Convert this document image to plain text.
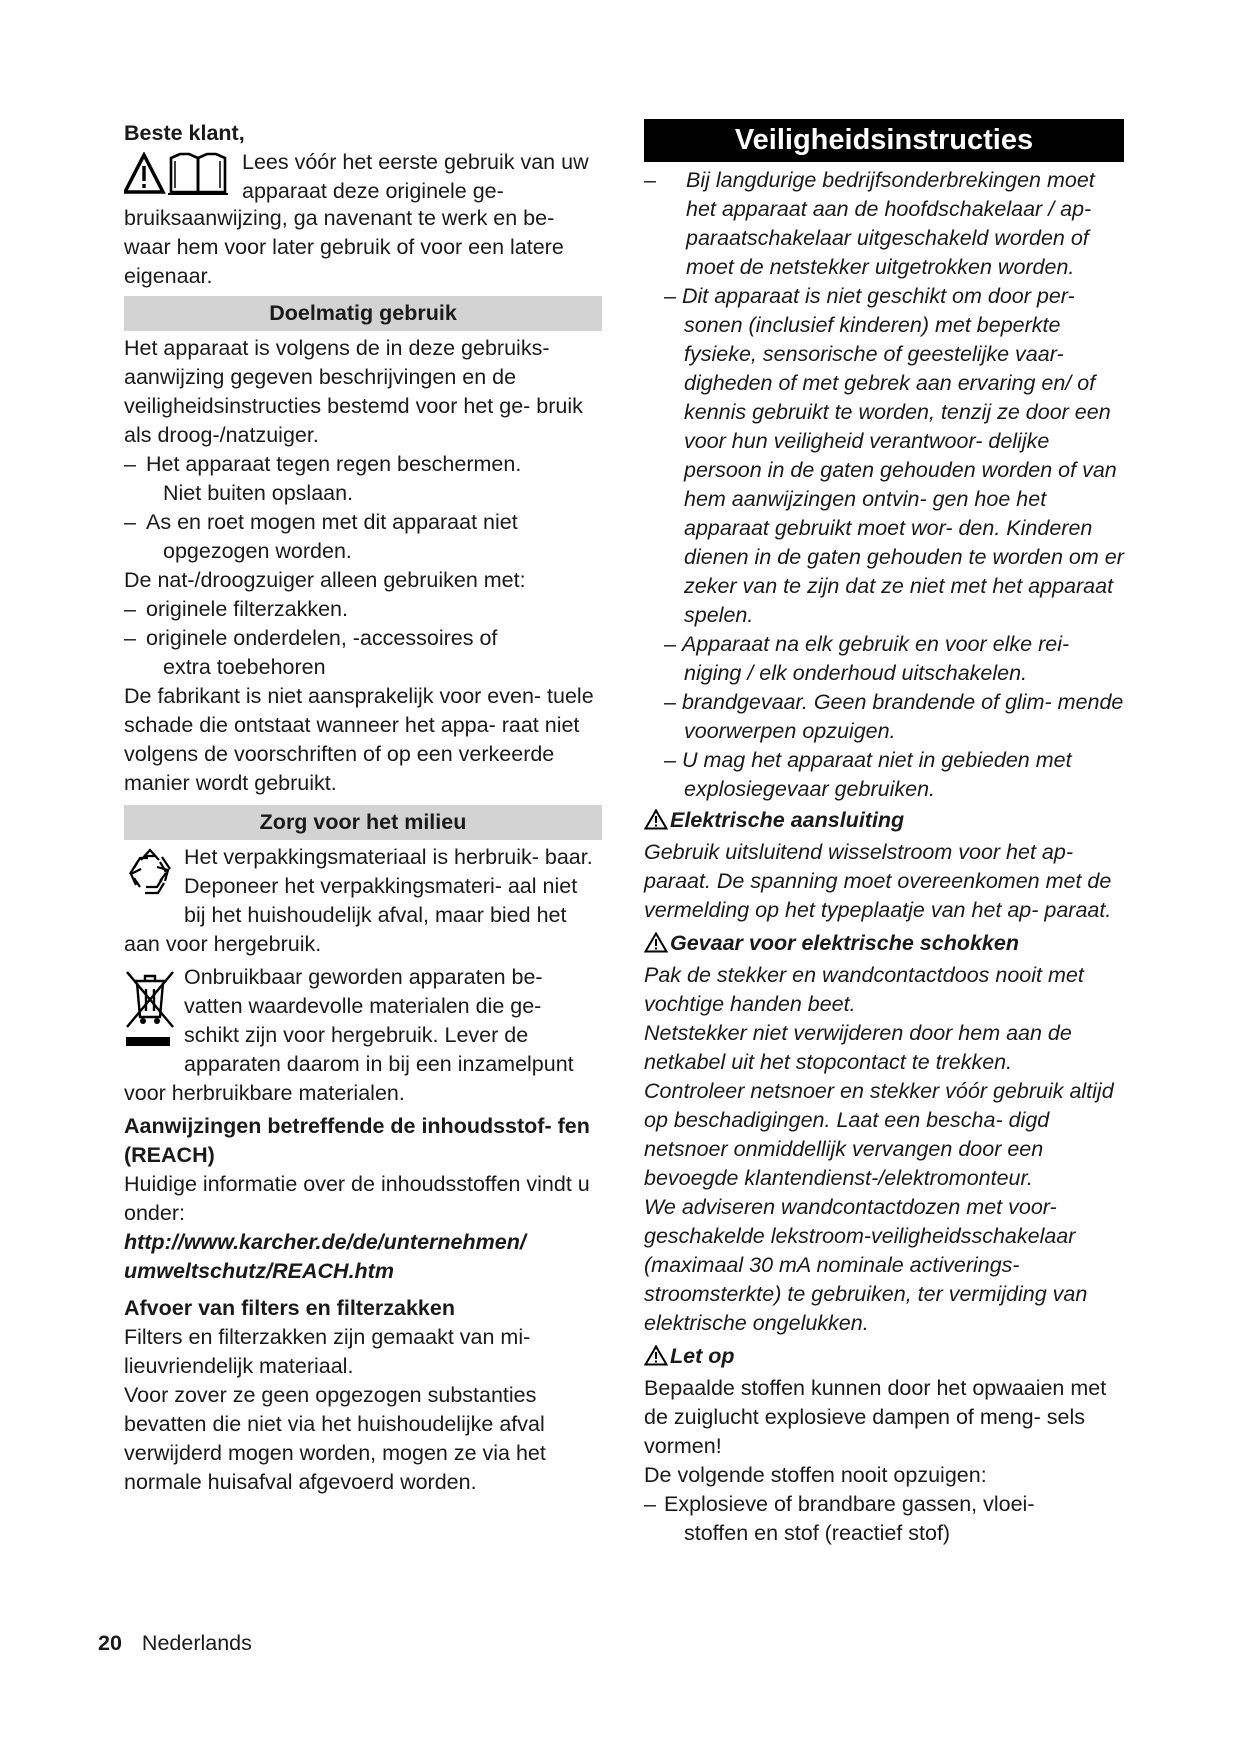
Beste klant,

Lees vóór het eerste gebruik van uw apparaat deze originele ge-

bruiksaanwijzing, ga navenant te werk en be- waar hem voor later gebruik of voor een latere eigenaar.

Doelmatig gebruik

Het apparaat is volgens de in deze gebruiks- aanwijzing gegeven beschrijvingen en de veiligheidsinstructies bestemd voor het ge- bruik als droog-/natzuiger.

– Het apparaat tegen regen beschermen.

Niet buiten opslaan.

– As en roet mogen met dit apparaat niet

opgezogen worden.

De nat-/droogzuiger alleen gebruiken met:

– originele filterzakken.

– originele onderdelen, -accessoires of

extra toebehoren

De fabrikant is niet aansprakelijk voor even- tuele schade die ontstaat wanneer het appa- raat niet volgens de voorschriften of op een verkeerde manier wordt gebruikt.

Zorg voor het milieu

Het verpakkingsmateriaal is herbruik- baar. Deponeer het verpakkingsmateri- aal niet bij het huishoudelijk afval, maar bied het aan voor hergebruik.

Onbruikbaar geworden apparaten be- vatten waardevolle materialen die ge- schikt zijn voor hergebruik. Lever de apparaten daarom in bij een inzamelpunt voor herbruikbare materialen.

Aanwijzingen betreffende de inhoudsstof- fen (REACH)

Huidige informatie over de inhoudsstoffen vindt u onder:

http://www.karcher.de/de/unternehmen/ umweltschutz/REACH.htm

Afvoer van filters en filterzakken

Filters en filterzakken zijn gemaakt van mi- lieuvriendelijk materiaal.

Voor zover ze geen opgezogen substanties bevatten die niet via het huishoudelijke afval verwijderd mogen worden, mogen ze via het normale huisafval afgevoerd worden.

Veiligheidsinstructies

– Bij langdurige bedrijfsonderbrekingen moet het apparaat aan de hoofdschakelaar / ap- paraatschakelaar uitgeschakeld worden of moet de netstekker uitgetrokken worden.

– Dit apparaat is niet geschikt om door per- sonen (inclusief kinderen) met beperkte fysieke, sensorische of geestelijke vaar- digheden of met gebrek aan ervaring en/ of kennis gebruikt te worden, tenzij ze door een voor hun veiligheid verantwoor- delijke persoon in de gaten gehouden worden of van hem aanwijzingen ontvin- gen hoe het apparaat gebruikt moet wor- den. Kinderen dienen in de gaten gehouden te worden om er zeker van te zijn dat ze niet met het apparaat spelen.

– Apparaat na elk gebruik en voor elke rei- niging / elk onderhoud uitschakelen.

– brandgevaar. Geen brandende of glim- mende voorwerpen opzuigen.

– U mag het apparaat niet in gebieden met explosiegevaar gebruiken.

Elektrische aansluiting

Gebruik uitsluitend wisselstroom voor het ap- paraat. De spanning moet overeenkomen met de vermelding op het typeplaatje van het ap- paraat.

Gevaar voor elektrische schokken

Pak de stekker en wandcontactdoos nooit met vochtige handen beet.

Netstekker niet verwijderen door hem aan de netkabel uit het stopcontact te trekken.

Controleer netsnoer en stekker vóór gebruik altijd op beschadigingen. Laat een bescha- digd netsnoer onmiddellijk vervangen door een bevoegde klantendienst-/elektromonteur.

We adviseren wandcontactdozen met voor- geschakelde lekstroom-veiligheidsschakelaar (maximaal 30 mA nominale activerings- stroomsterkte) te gebruiken, ter vermijding van elektrische ongelukken.

Let op

Bepaalde stoffen kunnen door het opwaaien met de zuiglucht explosieve dampen of meng- sels vormen!

De volgende stoffen nooit opzuigen:

– Explosieve of brandbare gassen, vloei-

stoffen en stof (reactief stof)

20 Nederlands
